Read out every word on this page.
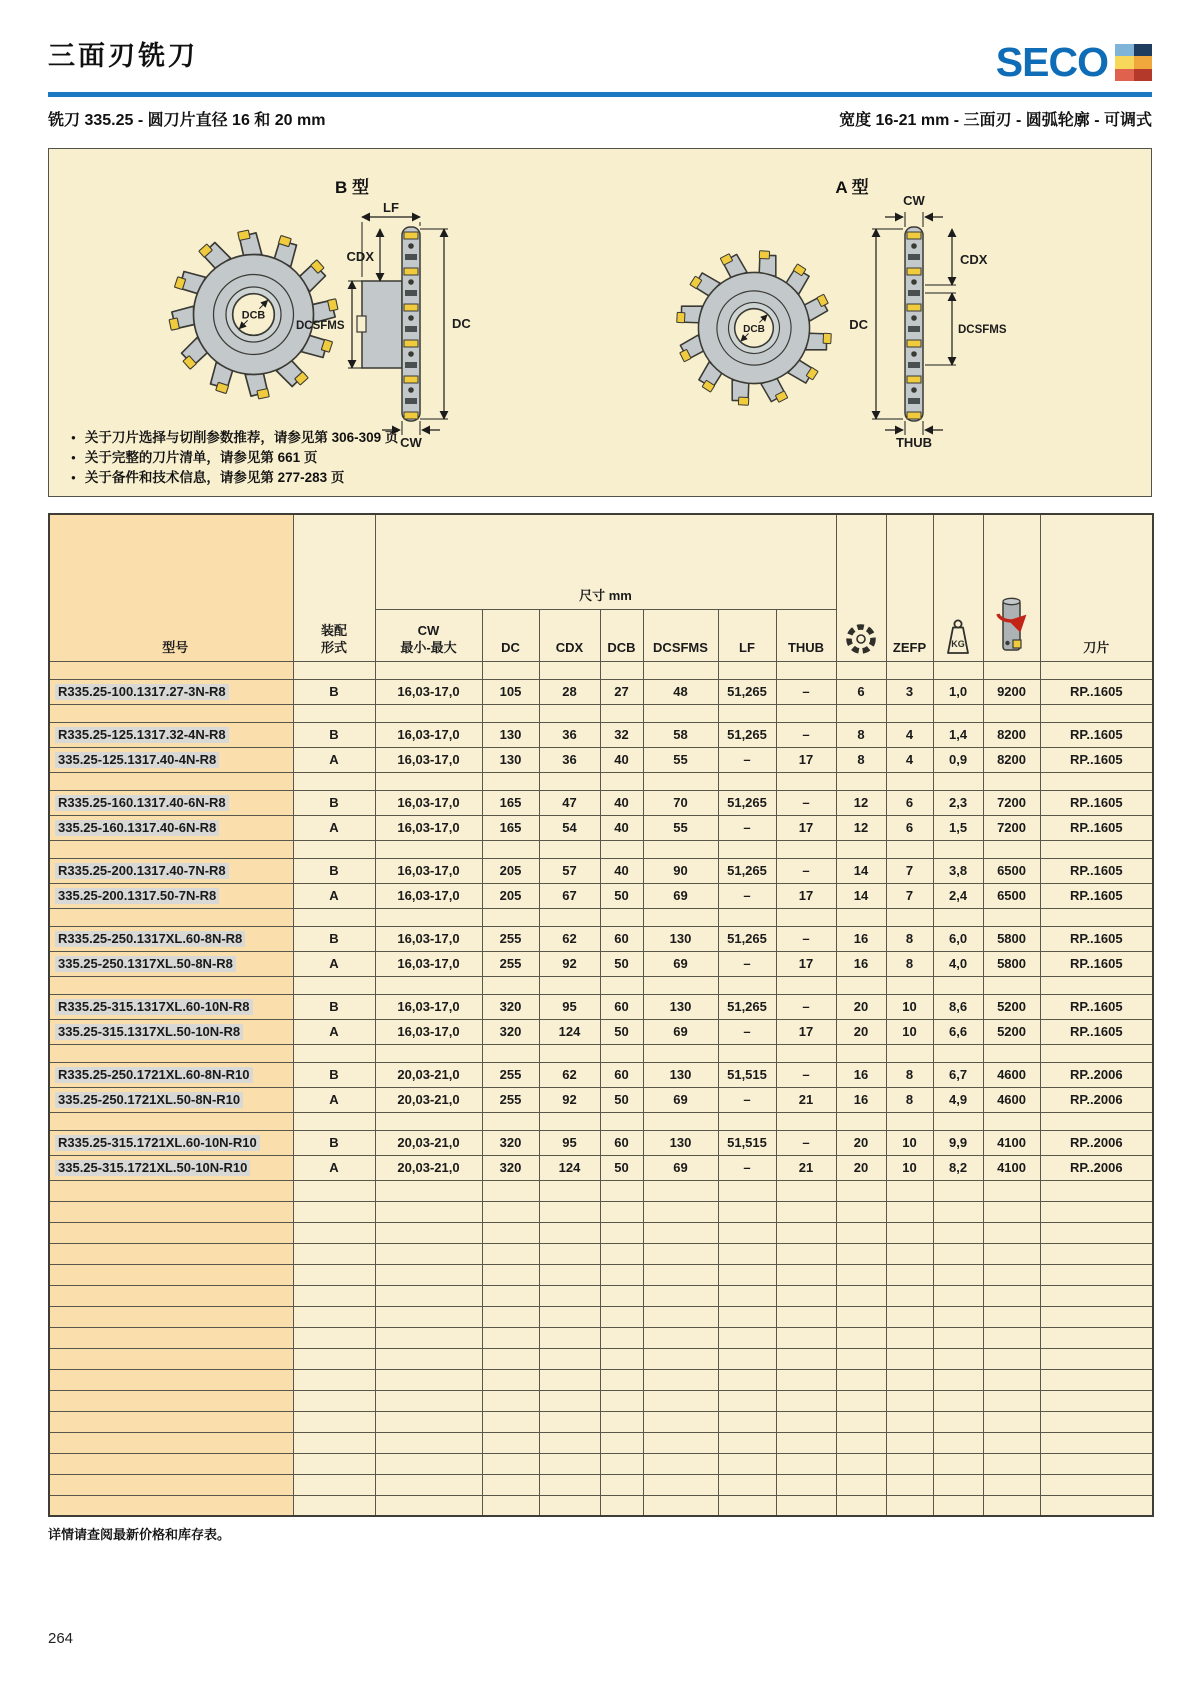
三面刃铣刀	SECO
铣刀 335.25 - 圆刀片直径 16 和 20 mm	宽度 16-21 mm - 三面刃 - 圆弧轮廓 - 可调式
B 型	A 型
DCB
LF
CDX
DCSFMS	DC
CW
DCB
CW
DC
CDX
DCSFMS
THUB
● 关于刀片选择与切削参数推荐，请参见第 306-309 页
● 关于完整的刀片清单，请参见第 661 页
● 关于备件和技术信息，请参见第 277-283 页
型号	装配
形式	尺寸 mm								ZEFP	KG		刀片
		CW
最小-最大	DC	CDX	DCB	DCSFMS	LF	THUB					

R335.25-100.1317.27-3N-R8	B	16,03-17,0	105	28	27	48	51,265	–	6	3	1,0	9200	RP..1605

R335.25-125.1317.32-4N-R8	B	16,03-17,0	130	36	32	58	51,265	–	8	4	1,4	8200	RP..1605
335.25-125.1317.40-4N-R8	A	16,03-17,0	130	36	40	55	–	17	8	4	0,9	8200	RP..1605

R335.25-160.1317.40-6N-R8	B	16,03-17,0	165	47	40	70	51,265	–	12	6	2,3	7200	RP..1605
335.25-160.1317.40-6N-R8	A	16,03-17,0	165	54	40	55	–	17	12	6	1,5	7200	RP..1605

R335.25-200.1317.40-7N-R8	B	16,03-17,0	205	57	40	90	51,265	–	14	7	3,8	6500	RP..1605
335.25-200.1317.50-7N-R8	A	16,03-17,0	205	67	50	69	–	17	14	7	2,4	6500	RP..1605

R335.25-250.1317XL.60-8N-R8	B	16,03-17,0	255	62	60	130	51,265	–	16	8	6,0	5800	RP..1605
335.25-250.1317XL.50-8N-R8	A	16,03-17,0	255	92	50	69	–	17	16	8	4,0	5800	RP..1605

R335.25-315.1317XL.60-10N-R8	B	16,03-17,0	320	95	60	130	51,265	–	20	10	8,6	5200	RP..1605
335.25-315.1317XL.50-10N-R8	A	16,03-17,0	320	124	50	69	–	17	20	10	6,6	5200	RP..1605

R335.25-250.1721XL.60-8N-R10	B	20,03-21,0	255	62	60	130	51,515	–	16	8	6,7	4600	RP..2006
335.25-250.1721XL.50-8N-R10	A	20,03-21,0	255	92	50	69	–	21	16	8	4,9	4600	RP..2006

R335.25-315.1721XL.60-10N-R10	B	20,03-21,0	320	95	60	130	51,515	–	20	10	9,9	4100	RP..2006
335.25-315.1721XL.50-10N-R10	A	20,03-21,0	320	124	50	69	–	21	20	10	8,2	4100	RP..2006

详情请查阅最新价格和库存表。
264
